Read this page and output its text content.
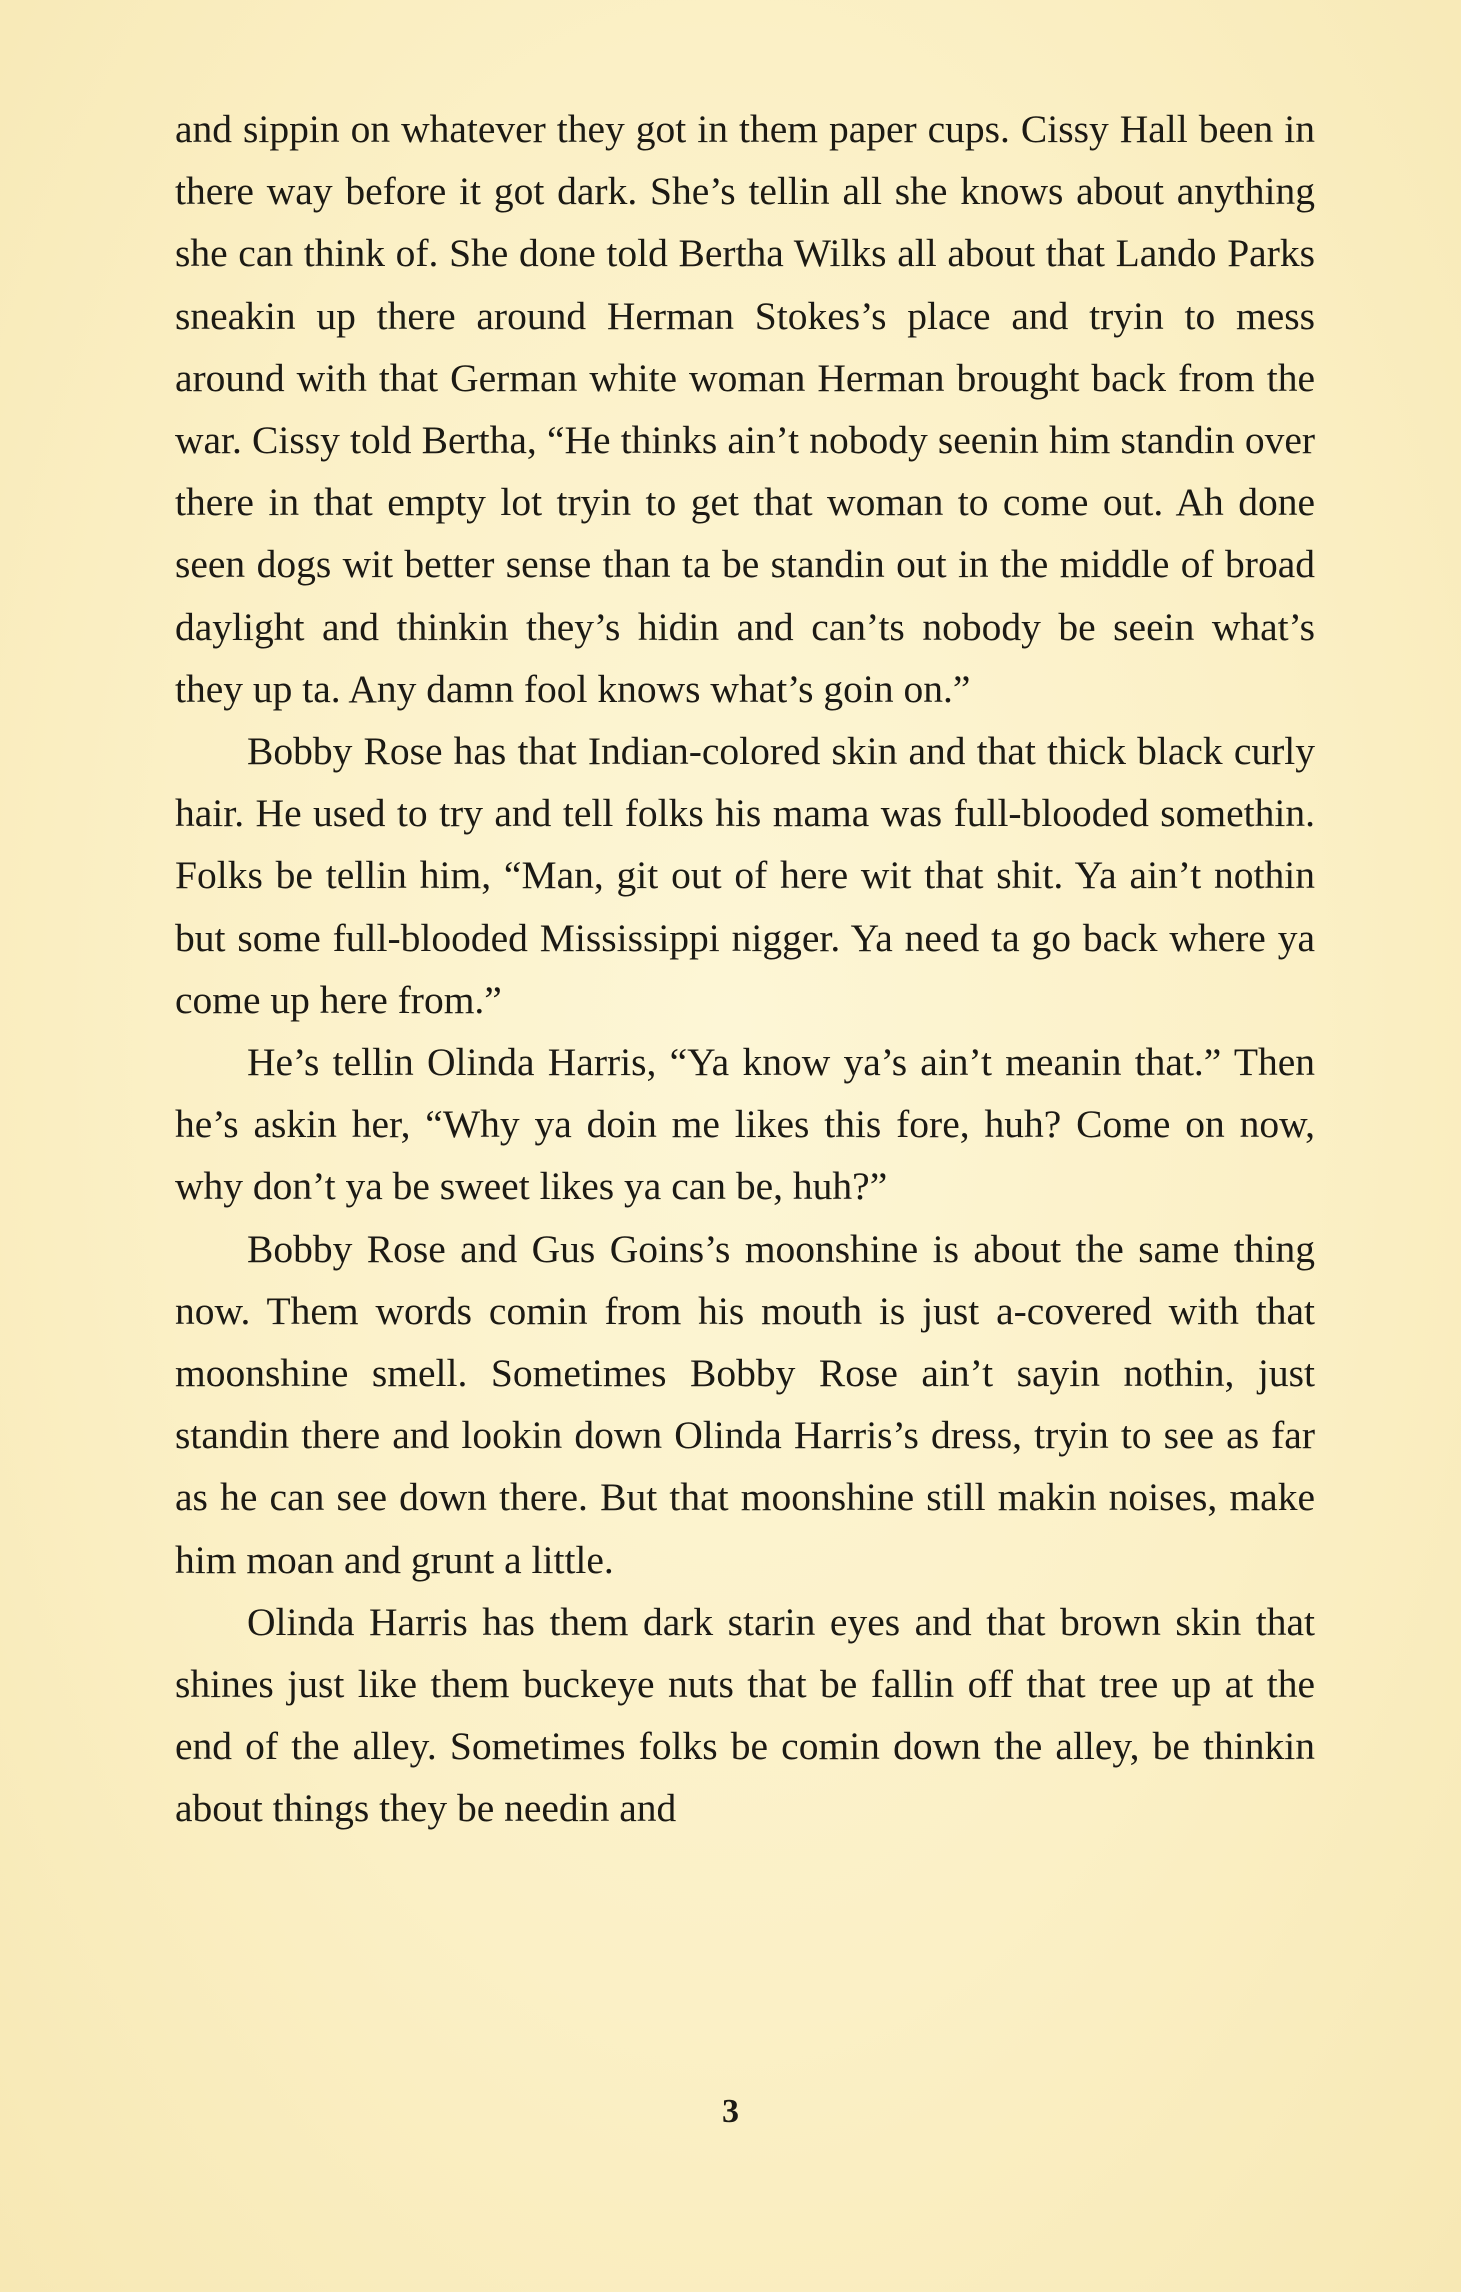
and sippin on whatever they got in them paper cups. Cissy Hall been in there way before it got dark. She’s tellin all she knows about anything she can think of. She done told Bertha Wilks all about that Lando Parks sneakin up there around Herman Stokes’s place and tryin to mess around with that German white woman Herman brought back from the war. Cissy told Bertha, “He thinks ain’t nobody seenin him standin over there in that empty lot tryin to get that woman to come out. Ah done seen dogs wit better sense than ta be standin out in the middle of broad daylight and thinkin they’s hidin and can’ts nobody be seein what’s they up ta. Any damn fool knows what’s goin on.”

Bobby Rose has that Indian-colored skin and that thick black curly hair. He used to try and tell folks his mama was full-blooded somethin. Folks be tellin him, “Man, git out of here wit that shit. Ya ain’t nothin but some full-blooded Mississippi nigger. Ya need ta go back where ya come up here from.”

He’s tellin Olinda Harris, “Ya know ya’s ain’t meanin that.” Then he’s askin her, “Why ya doin me likes this fore, huh? Come on now, why don’t ya be sweet likes ya can be, huh?”

Bobby Rose and Gus Goins’s moonshine is about the same thing now. Them words comin from his mouth is just a-covered with that moonshine smell. Sometimes Bobby Rose ain’t sayin nothin, just standin there and lookin down Olinda Harris’s dress, tryin to see as far as he can see down there. But that moonshine still makin noises, make him moan and grunt a little.

Olinda Harris has them dark starin eyes and that brown skin that shines just like them buckeye nuts that be fallin off that tree up at the end of the alley. Sometimes folks be comin down the alley, be thinkin about things they be needin and

3
